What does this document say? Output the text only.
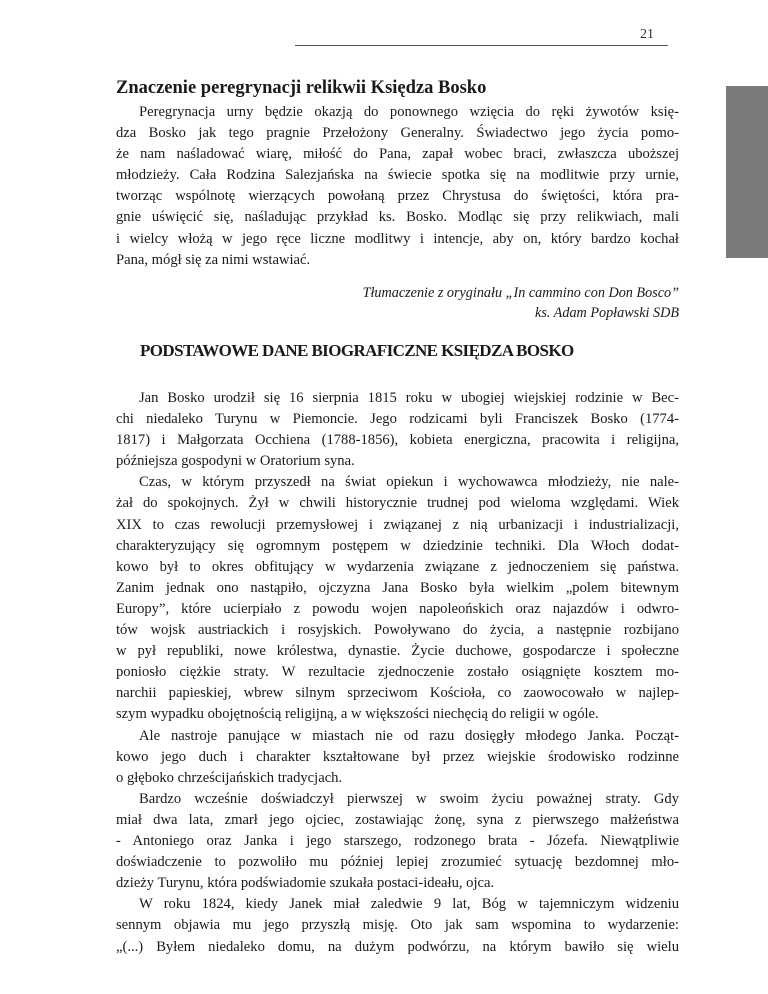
21
Znaczenie peregrynacji relikwii Księdza Bosko
Peregrynacja urny będzie okazją do ponownego wzięcia do ręki żywotów księ-
dza Bosko jak tego pragnie Przełożony Generalny. Świadectwo jego życia pomo-
że nam naśladować wiarę, miłość do Pana, zapał wobec braci, zwłaszcza uboższej
młodzieży. Cała Rodzina Salezjańska na świecie spotka się na modlitwie przy urnie,
tworząc wspólnotę wierzących powołaną przez Chrystusa do świętości, która pra-
gnie uświęcić się, naśladując przykład ks. Bosko. Modląc się przy relikwiach, mali
i wielcy włożą w jego ręce liczne modlitwy i intencje, aby on, który bardzo kochał
Pana, mógł się za nimi wstawiać.

Tłumaczenie z oryginału „In cammino con Don Bosco”

ks. Adam Popławski SDB

PODSTAWOWE DANE BIOGRAFICZNE KSIĘDZA BOSKO
Jan Bosko urodził się 16 sierpnia 1815 roku w ubogiej wiejskiej rodzinie w Bec-
chi niedaleko Turynu w Piemoncie. Jego rodzicami byli Franciszek Bosko (1774-
1817) i Małgorzata Occhiena (1788-1856), kobieta energiczna, pracowita i religijna,
późniejsza gospodyni w Oratorium syna.
Czas, w którym przyszedł na świat opiekun i wychowawca młodzieży, nie nale-
żał do spokojnych. Żył w chwili historycznie trudnej pod wieloma względami. Wiek
XIX to czas rewolucji przemysłowej i związanej z nią urbanizacji i industrializacji,
charakteryzujący się ogromnym postępem w dziedzinie techniki. Dla Włoch dodat-
kowo był to okres obfitujący w wydarzenia związane z jednoczeniem się państwa.
Zanim jednak ono nastąpiło, ojczyzna Jana Bosko była wielkim „polem bitewnym
Europy”, które ucierpiało z powodu wojen napoleońskich oraz najazdów i odwro-
tów wojsk austriackich i rosyjskich. Powoływano do życia, a następnie rozbijano
w pył republiki, nowe królestwa, dynastie. Życie duchowe, gospodarcze i społeczne
poniosło ciężkie straty. W rezultacie zjednoczenie zostało osiągnięte kosztem mo-
narchii papieskiej, wbrew silnym sprzeciwom Kościoła, co zaowocowało w najlep-
szym wypadku obojętnością religijną, a w większości niechęcią do religii w ogóle.
Ale nastroje panujące w miastach nie od razu dosięgły młodego Janka. Począt-
kowo jego duch i charakter kształtowane był przez wiejskie środowisko rodzinne
o głęboko chrześcijańskich tradycjach.
Bardzo wcześnie doświadczył pierwszej w swoim życiu poważnej straty. Gdy
miał dwa lata, zmarł jego ojciec, zostawiając żonę, syna z pierwszego małżeństwa
- Antoniego oraz Janka i jego starszego, rodzonego brata - Józefa. Niewątpliwie
doświadczenie to pozwoliło mu później lepiej zrozumieć sytuację bezdomnej mło-
dzieży Turynu, która podświadomie szukała postaci-ideału, ojca.
W roku 1824, kiedy Janek miał zaledwie 9 lat, Bóg w tajemniczym widzeniu
sennym objawia mu jego przyszłą misję. Oto jak sam wspomina to wydarzenie:
„(...) Byłem niedaleko domu, na dużym podwórzu, na którym bawiło się wielu
